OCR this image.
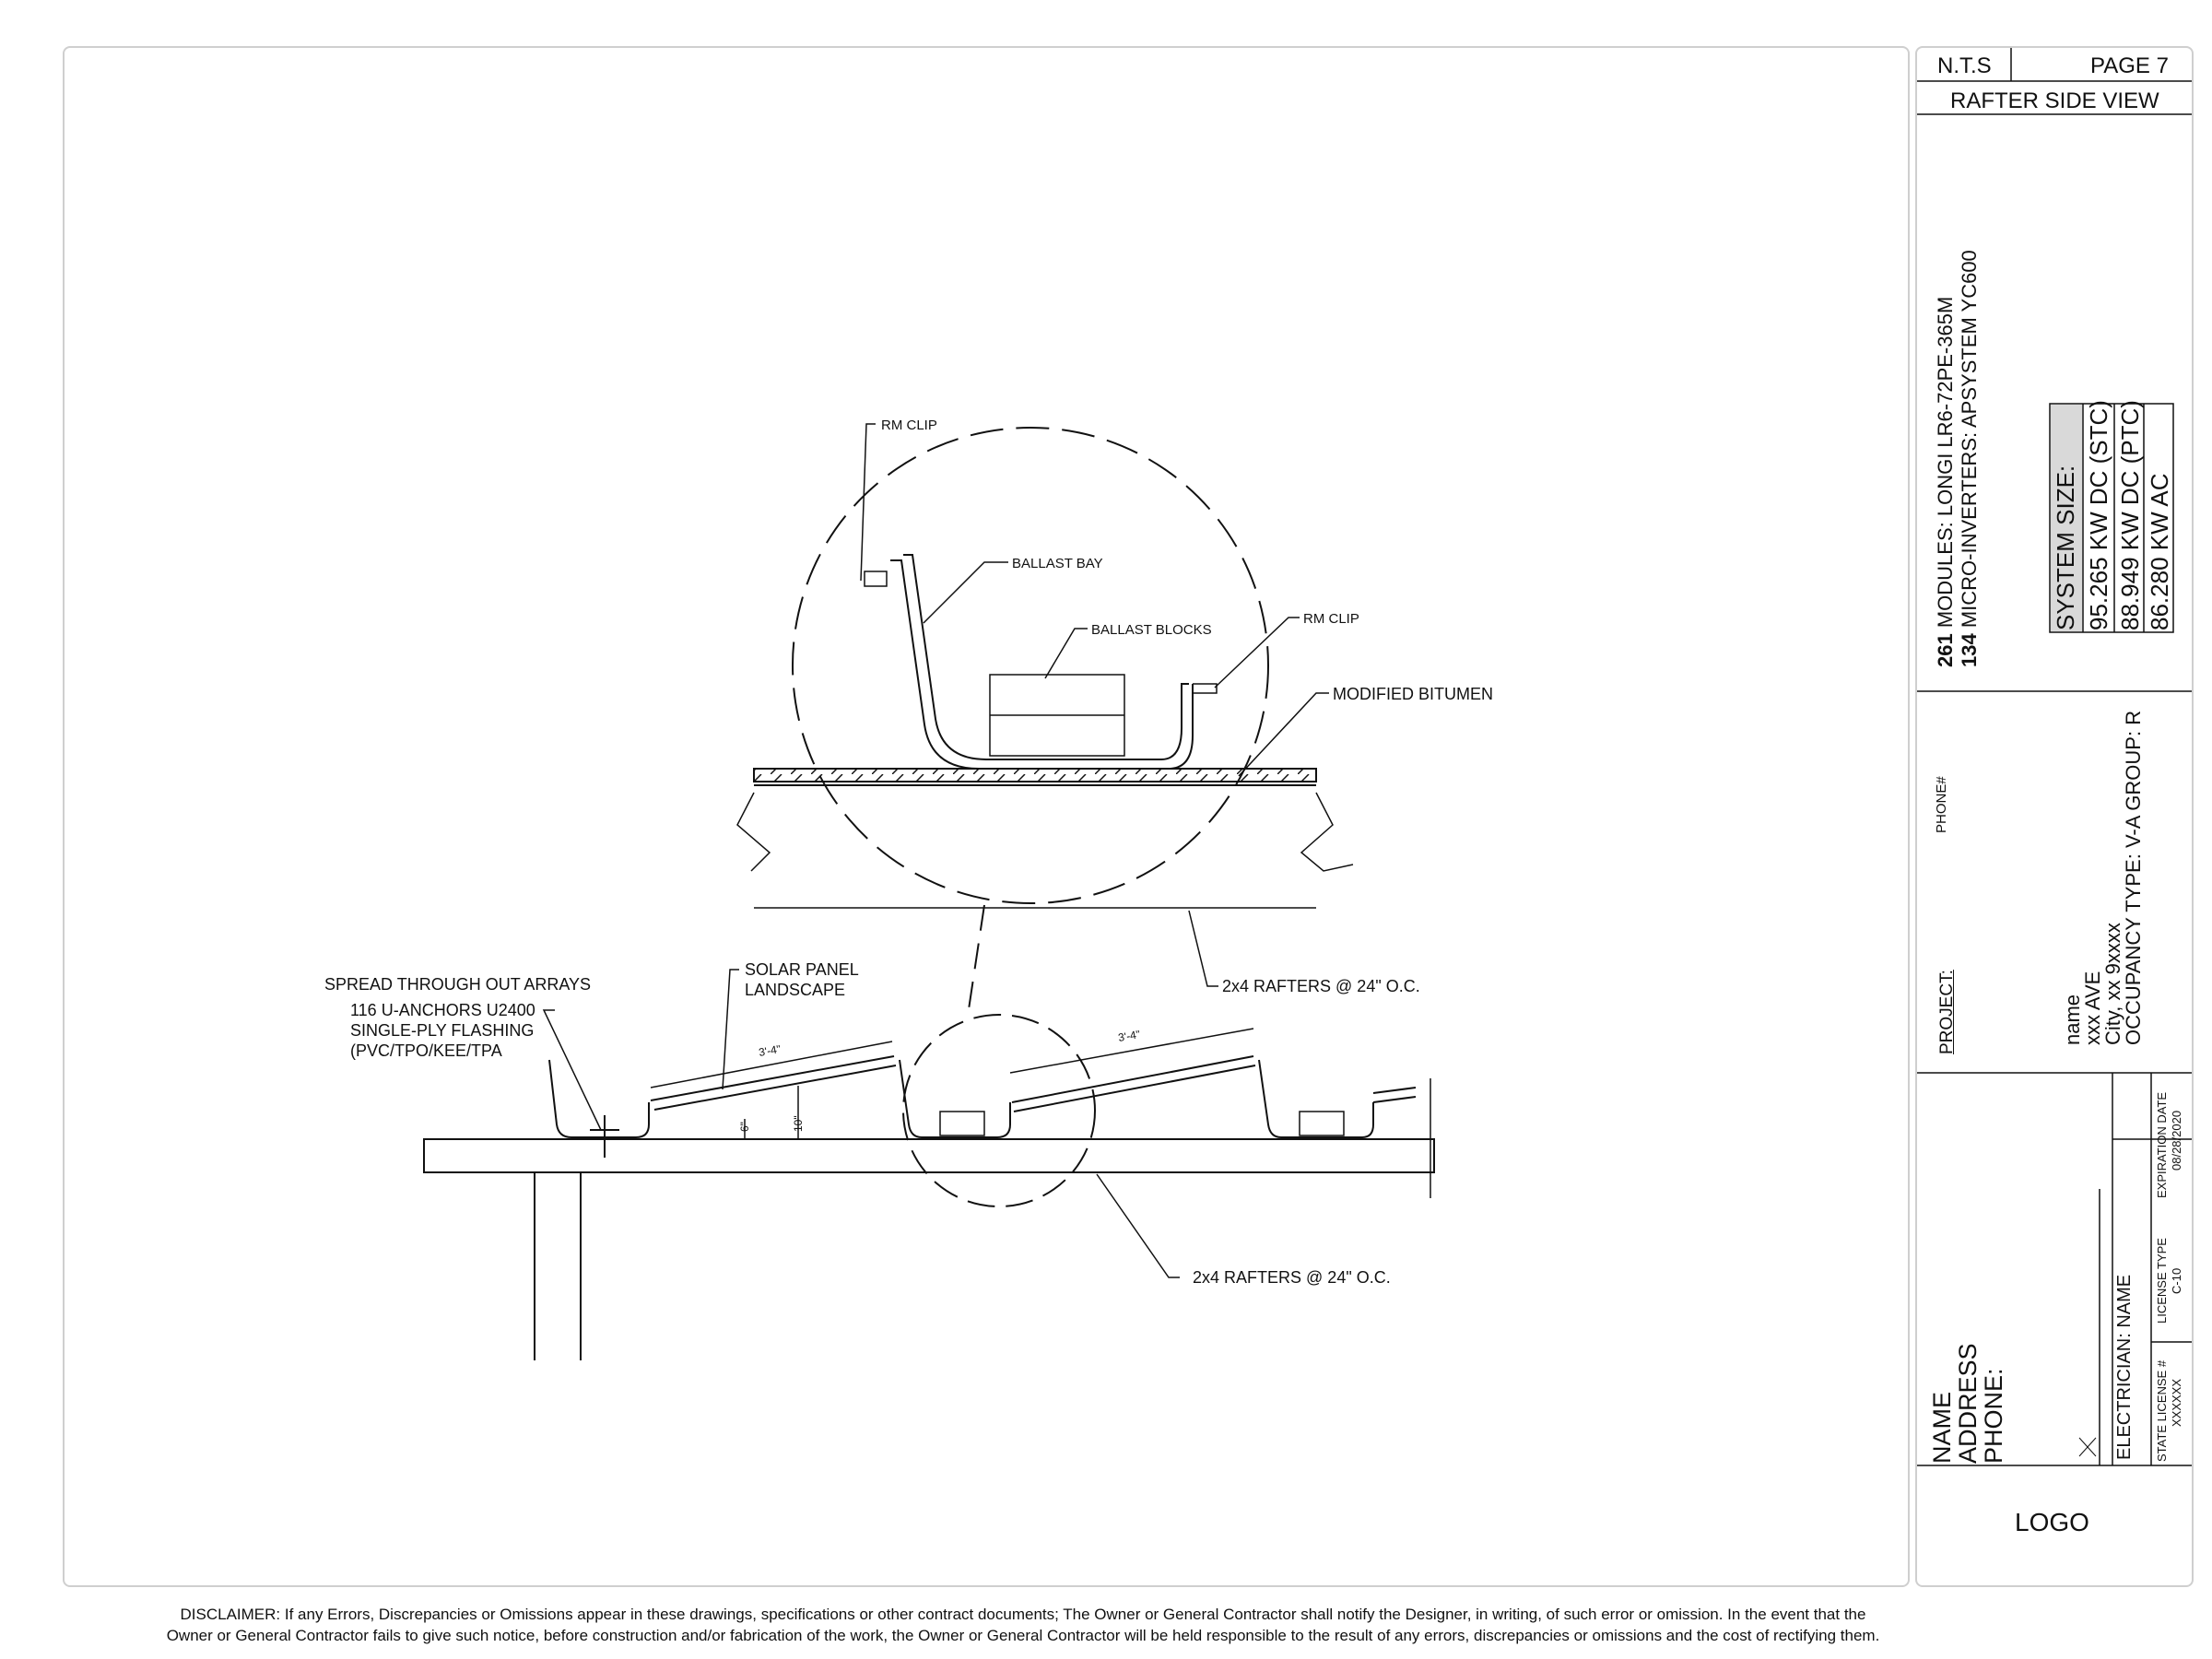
RM CLIP
BALLAST BAY
BALLAST BLOCKS
RM CLIP
MODIFIED BITUMEN
2x4 RAFTERS @ 24" O.C.
SPREAD THROUGH OUT ARRAYS
116 U-ANCHORS U2400
SINGLE-PLY FLASHING
(PVC/TPO/KEE/TPA
SOLAR PANEL
LANDSCAPE
3'-4"
3'-4"
6"	10"
2x4 RAFTERS @ 24" O.C.
N.T.S	PAGE 7
RAFTER SIDE VIEW
261 MODULES: LONGI LR6-72PE-365M
134 MICRO-INVERTERS: APSYSTEM YC600	SYSTEM SIZE: 95.265 KW DC (STC) 88.949 KW DC (PTC) 86.280 KW AC
PROJECT:
PHONE#
name
xxx AVE
City, xx 9xxxx
OCCUPANCY TYPE: V-A GROUP: R
NAME
ADDRESS
PHONE:	ELECTRICIAN: NAME STATE LICENSE # XXXXXX
LICENSE TYPE C-10
EXPIRATION DATE 08/28/2020
LOGO
DISCLAIMER: If any Errors, Discrepancies or Omissions appear in these drawings, specifications or other contract documents; The Owner or General Contractor shall notify the Designer, in writing, of such error or omission. In the event that the
Owner or General Contractor fails to give such notice, before construction and/or fabrication of the work, the Owner or General Contractor will be held responsible to the result of any errors, discrepancies or omissions and the cost of rectifying them.
